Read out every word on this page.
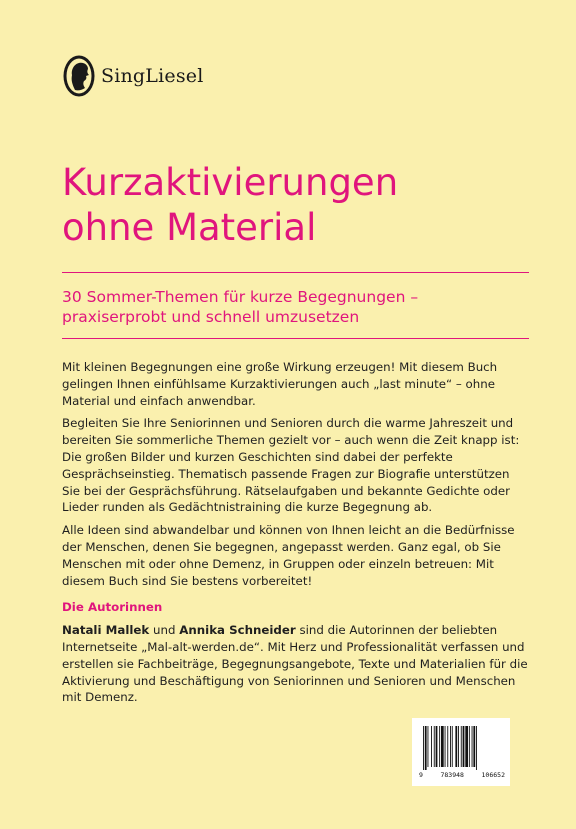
SingLiesel
Kurzaktivierungen
ohne Material

30 Sommer-Themen für kurze Begegnungen –
praxiserprobt und schnell umzusetzen

Mit kleinen Begegnungen eine große Wirkung erzeugen! Mit diesem Buch gelingen Ihnen einfühlsame Kurzaktivierungen auch „last minute“ – ohne Material und einfach anwendbar.

Begleiten Sie Ihre Seniorinnen und Senioren durch die warme Jahreszeit und bereiten Sie sommerliche Themen gezielt vor – auch wenn die Zeit knapp ist: Die großen Bilder und kurzen Geschichten sind dabei der perfekte Gesprächseinstieg. Thematisch passende Fragen zur Biografie unterstützen Sie bei der Gesprächsführung. Rätselaufgaben und bekannte Gedichte oder Lieder runden als Gedächtnistraining die kurze Begegnung ab.

Alle Ideen sind abwandelbar und können von Ihnen leicht an die Bedürfnisse der Menschen, denen Sie begegnen, angepasst werden. Ganz egal, ob Sie Menschen mit oder ohne Demenz, in Gruppen oder einzeln betreuen: Mit diesem Buch sind Sie bestens vorbereitet!

Die Autorinnen

Natali Mallek und Annika Schneider sind die Autorinnen der beliebten Internetseite „Mal-alt-werden.de“. Mit Herz und Professionalität verfassen und erstellen sie Fachbeiträge, Begegnungsangebote, Texte und Materialien für die Aktivierung und Beschäftigung von Seniorinnen und Senioren und Menschen mit Demenz.

9	783948	106652
